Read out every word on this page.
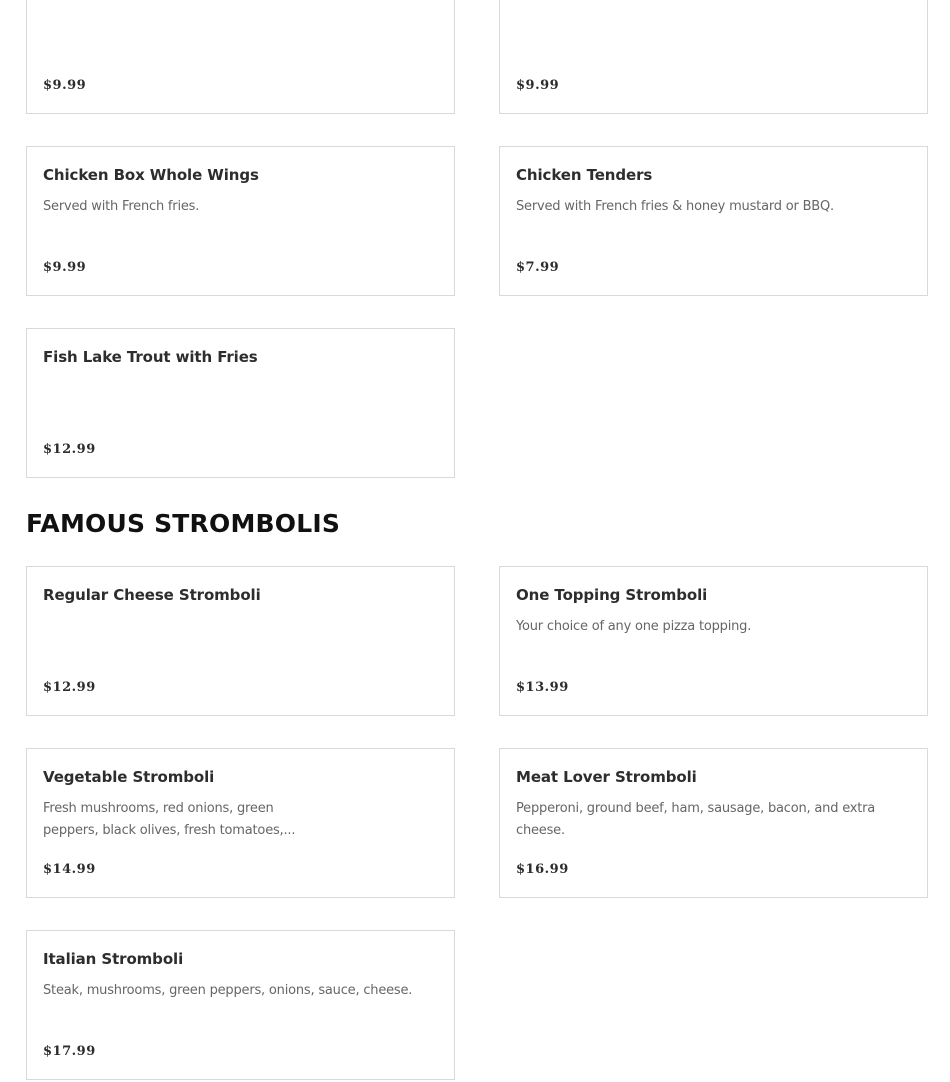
$9.99	$9.99
Chicken Box Whole Wings
Served with French fries.
$9.99
Chicken Tenders
Served with French fries & honey mustard or BBQ.
$7.99
Fish Lake Trout with Fries
$12.99
FAMOUS STROMBOLIS
Regular Cheese Stromboli
$12.99
One Topping Stromboli
Your choice of any one pizza topping.
$13.99
Vegetable Stromboli
Fresh mushrooms, red onions, green peppers, black olives, fresh tomatoes,...
$14.99
Meat Lover Stromboli
Pepperoni, ground beef, ham, sausage, bacon, and extra cheese.
$16.99
Italian Stromboli
Steak, mushrooms, green peppers, onions, sauce, cheese.
$17.99
